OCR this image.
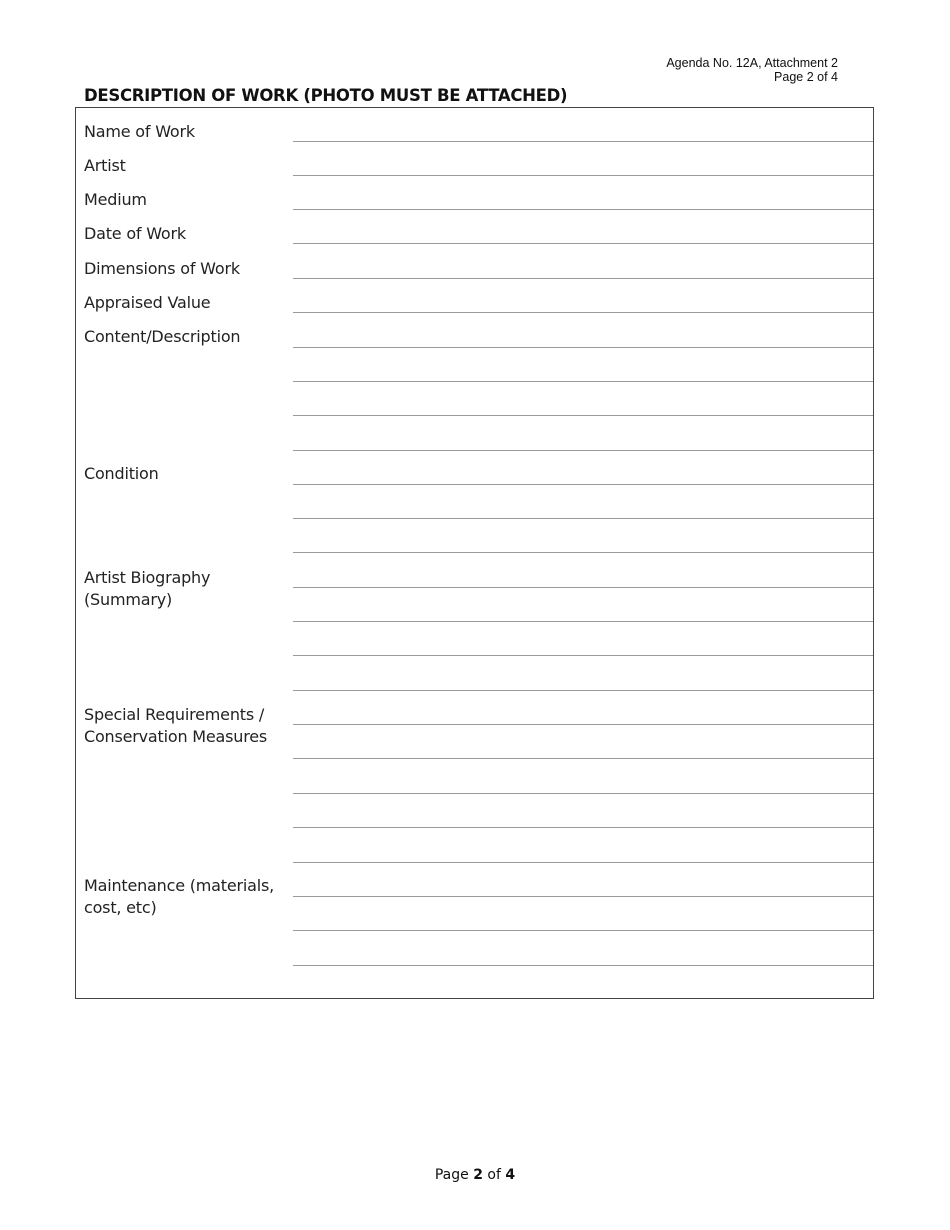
Agenda No. 12A, Attachment 2
Page 2 of 4
DESCRIPTION OF WORK (PHOTO MUST BE ATTACHED)
Name of Work
Artist
Medium
Date of Work
Dimensions of Work
Appraised Value
Content/Description
Condition
Artist Biography (Summary)
Special Requirements / Conservation Measures
Maintenance (materials, cost, etc)
Page 2 of 4
